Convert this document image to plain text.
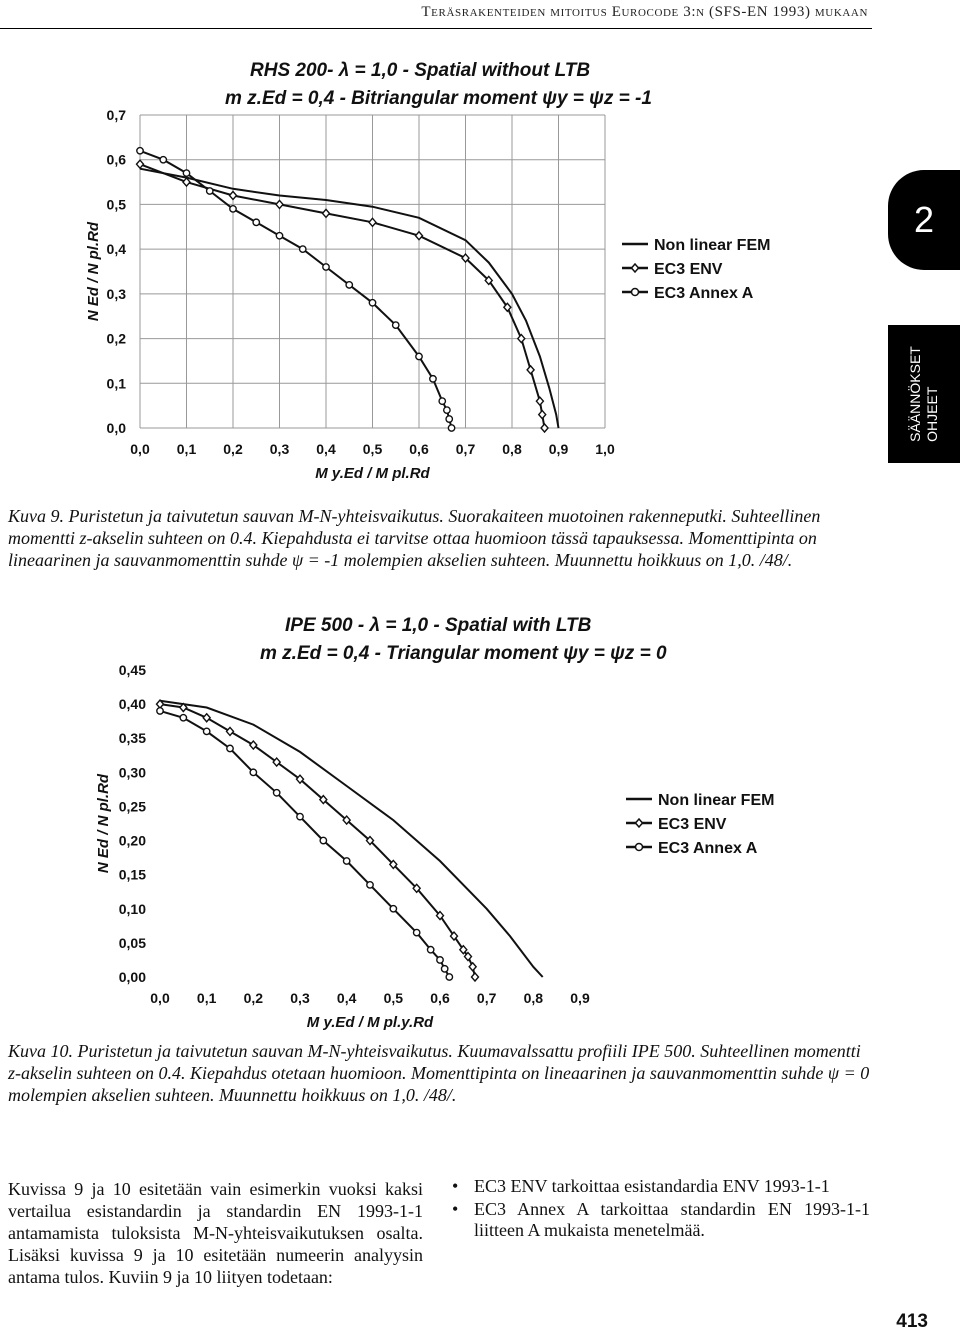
Teräsrakenteiden mitoitus Eurocode 3:n (SFS-EN 1993) mukaan
2
SÄÄNNÖKSET OHJEET
RHS 200- λ = 1,0 - Spatial without LTB
m z.Ed = 0,4 - Bitriangular moment ψy = ψz = -1
0,0 0,1 0,2 0,3 0,4 0,5 0,6 0,7 0,8 0,9 1,0
0,0
0,1
0,2
0,3
0,4
0,5
0,6
0,7
M y.Ed / M pl.Rd
N Ed / N pl.Rd	Non linear FEM
EC3 ENV
EC3 Annex A

Kuva 9. Puristetun ja taivutetun sauvan M-N-yhteisvaikutus. Suorakaiteen muotoinen rakenneputki. Suhteellinen momentti z-akselin suhteen on 0.4. Kiepahdusta ei tarvitse ottaa huomioon tässä tapauksessa. Momenttipinta on lineaarinen ja sauvanmomenttin suhde ψ = -1 molempien akselien suhteen. Muunnettu hoikkuus on 1,0. /48/.

IPE 500 - λ = 1,0 - Spatial with LTB
m z.Ed = 0,4 - Triangular moment ψy = ψz = 0
0,0 0,1 0,2 0,3 0,4 0,5 0,6 0,7 0,8 0,9
0,00
0,05
0,10
0,15
0,20
0,25
0,30
0,35
0,40
0,45
M y.Ed / M pl.y.Rd
N Ed / N pl.Rd	Non linear FEM
EC3 ENV
EC3 Annex A

Kuva 10. Puristetun ja taivutetun sauvan M-N-yhteisvaikutus. Kuumavalssattu profiili IPE 500. Suhteellinen momentti z-akselin suhteen on 0.4. Kiepahdus otetaan huomioon. Momenttipinta on lineaarinen ja sauvanmomenttin suhde ψ = 0 molempien akselien suhteen. Muunnettu hoikkuus on 1,0. /48/.

Kuvissa 9 ja 10 esitetään vain esimerkin vuoksi kaksi vertailua esistandardin ja standardin EN 1993-1-1 antamamista tuloksista M-N-yhteisvaikutuksen osalta. Lisäksi kuvissa 9 ja 10 esitetään numeerin analyysin antama tulos. Kuviin 9 ja 10 liityen todetaan:

• EC3 ENV tarkoittaa esistandardia ENV 1993-1-1
• EC3 Annex A tarkoittaa standardin EN 1993-1-1 liitteen A mukaista menetelmää.
413
